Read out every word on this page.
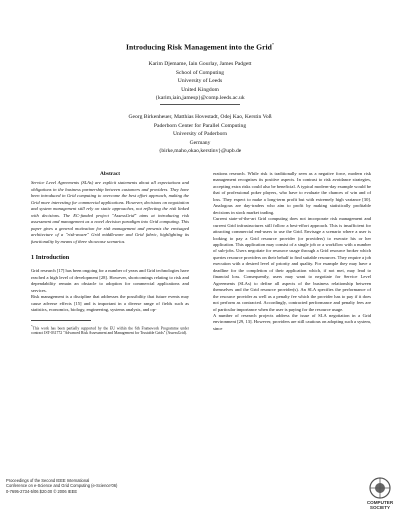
Introducing Risk Management into the Grid*
Karim Djemame, Iain Gourlay, James Padgett
School of Computing
University of Leeds
United Kingdom
{karim,iain,jamesp}@comp.leeds.ac.uk
Georg Birkenheuer, Matthias Hovestadt, Odej Kao, Kerstin Voß
Paderborn Center for Parallel Computing
University of Paderborn
Germany
{birke,maho,okao,kerstinv}@upb.de
Abstract

Service Level Agreements (SLAs) are explicit statements about all expectations and obligations in the business partnership between customers and providers. They have been introduced in Grid computing to overcome the best effort approach, making the Grid more interesting for commercial applications. However, decisions on negotiation and system management still rely on static approaches, not reflecting the risk linked with decisions. The EC-funded project "AssessGrid" aims at introducing risk assessment and management as a novel decision paradigm into Grid computing. This paper gives a general motivation for risk management and presents the envisaged architecture of a "risk-aware" Grid middleware and Grid fabric, highlighting its functionality by means of three showcase scenarios.

1 Introduction

Grid research [17] has been ongoing for a number of years and Grid technologies have reached a high level of development [28]. However, shortcomings relating to risk and dependability remain an obstacle to adoption for commercial applications and services.

Risk management is a discipline that addresses the possibility that future events may cause adverse effects [15] and is important in a diverse range of fields such as statistics, economics, biology, engineering, systems analysis, and op-

*This work has been partially supported by the EU within the 6th Framework Programme under contract IST-031772 "Advanced Risk Assessment and Management for Trustable Grids" (AssessGrid).

erations research. While risk is traditionally seen as a negative force, modern risk management recognises its positive aspects. In contrast to risk avoidance strategies, accepting extra risks could also be beneficial. A typical modern-day example would be that of professional poker players, who have to evaluate the chances of win and of loss. They expect to make a long-term profit but with extremely high variance [30]. Analogous are day-traders who aim to profit by making statistically profitable decisions in stock market trading.

Current state-of-the-art Grid computing does not incorporate risk management and current Grid infrastructures still follow a best-effort approach. This is insufficient for attracting commercial end-users to use the Grid. Envisage a scenario where a user is looking to pay a Grid resource provider (or providers) to execute his or her application. This application may consist of a single job or a workflow with a number of sub-jobs. Users negotiate for resource usage through a Grid resource broker which queries resource providers on their behalf to find suitable resources. They require a job execution with a desired level of priority and quality. For example they may have a deadline for the completion of their application which, if not met, may lead to financial loss. Consequently, users may want to negotiate for Service Level Agreements (SLAs) to define all aspects of the business relationship between themselves and the Grid resource provider(s). An SLA specifies the performance of the resource provider as well as a penalty fee which the provider has to pay if it does not perform as contracted. Accordingly, contracted performance and penalty fees are of particular importance when the user is paying for the resource usage.

A number of research projects address the issue of SLA negotiation in a Grid environment [29, 13]. However, providers are still cautious on adopting such a system, since

Proceedings of the Second IEEE International
Conference on e-Science and Grid Computing (e-Science'06)
0-7695-2734-5/06 $20.00 © 2006 IEEE
COMPUTER
SOCIETY
